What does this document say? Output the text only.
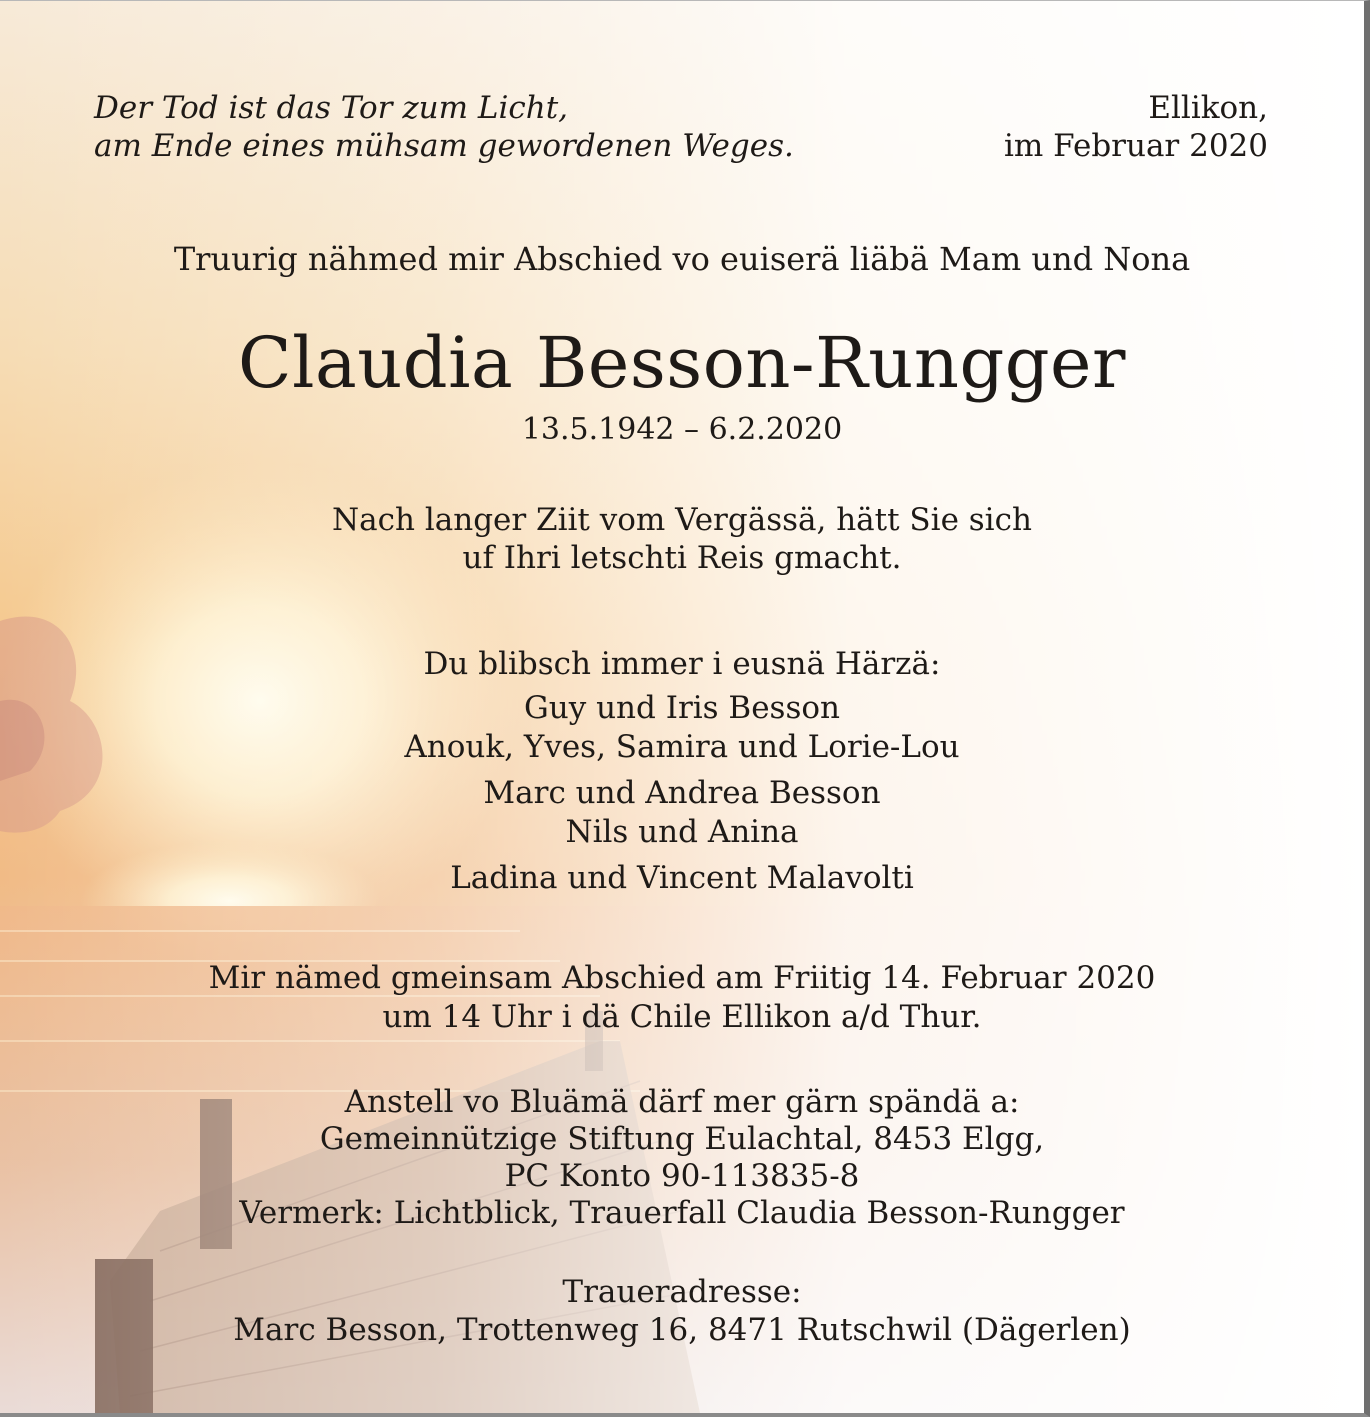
Der Tod ist das Tor zum Licht,
am Ende eines mühsam gewordenen Weges.
Ellikon,
im Februar 2020
Truurig nähmed mir Abschied vo euiserä liäbä Mam und Nona
Claudia Besson-Rungger
13.5.1942 – 6.2.2020
Nach langer Ziit vom Vergässä, hätt Sie sich
uf Ihri letschti Reis gmacht.
Du blibsch immer i eusnä Härzä:
Guy und Iris Besson
Anouk, Yves, Samira und Lorie-Lou
Marc und Andrea Besson
Nils und Anina
Ladina und Vincent Malavolti
Mir nämed gmeinsam Abschied am Friitig 14. Februar 2020
um 14 Uhr i dä Chile Ellikon a/d Thur.
Anstell vo Bluämä därf mer gärn spändä a:
Gemeinnützige Stiftung Eulachtal, 8453 Elgg,
PC Konto 90-113835-8
Vermerk: Lichtblick, Trauerfall Claudia Besson-Rungger
Traueradresse:
Marc Besson, Trottenweg 16, 8471 Rutschwil (Dägerlen)
